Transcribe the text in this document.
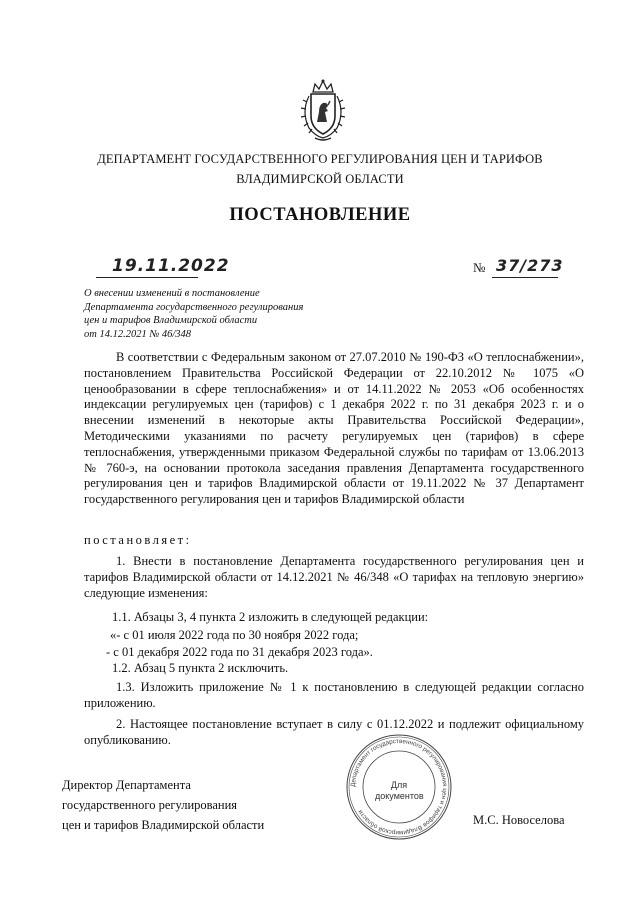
ДЕПАРТАМЕНТ ГОСУДАРСТВЕННОГО РЕГУЛИРОВАНИЯ ЦЕН И ТАРИФОВ
ВЛАДИМИРСКОЙ ОБЛАСТИ
ПОСТАНОВЛЕНИЕ
19.11.2022	№ 37/273
О внесении изменений в постановление
Департамента государственного регулирования
цен и тарифов Владимирской области
от 14.12.2021 № 46/348

В соответствии с Федеральным законом от 27.07.2010 № 190-ФЗ «О теплоснабжении», постановлением Правительства Российской Федерации от 22.10.2012 № 1075 «О ценообразовании в сфере теплоснабжения» и от 14.11.2022 № 2053 «Об особенностях индексации регулируемых цен (тарифов) с 1 декабря 2022 г. по 31 декабря 2023 г. и о внесении изменений в некоторые акты Правительства Российской Федерации», Методическими указаниями по расчету регулируемых цен (тарифов) в сфере теплоснабжения, утвержденными приказом Федеральной службы по тарифам от 13.06.2013 № 760-э, на основании протокола заседания правления Департамента государственного регулирования цен и тарифов Владимирской области от 19.11.2022 № 37 Департамент государственного регулирования цен и тарифов Владимирской области

постановляет:

1. Внести в постановление Департамента государственного регулирования цен и тарифов Владимирской области от 14.12.2021 № 46/348 «О тарифах на тепловую энергию» следующие изменения:

1.1. Абзацы 3, 4 пункта 2 изложить в следующей редакции:
«- с 01 июля 2022 года по 30 ноября 2022 года;
- с 01 декабря 2022 года по 31 декабря 2023 года».
1.2. Абзац 5 пункта 2 исключить.

1.3. Изложить приложение № 1 к постановлению в следующей редакции согласно приложению.

2. Настоящее постановление вступает в силу с 01.12.2022 и подлежит официальному опубликованию.

Директор Департамента
государственного регулирования
цен и тарифов Владимирской области
Департамент государственного регулирования цен и тарифов Владимирской области
Для
документов
М.С. Новоселова
